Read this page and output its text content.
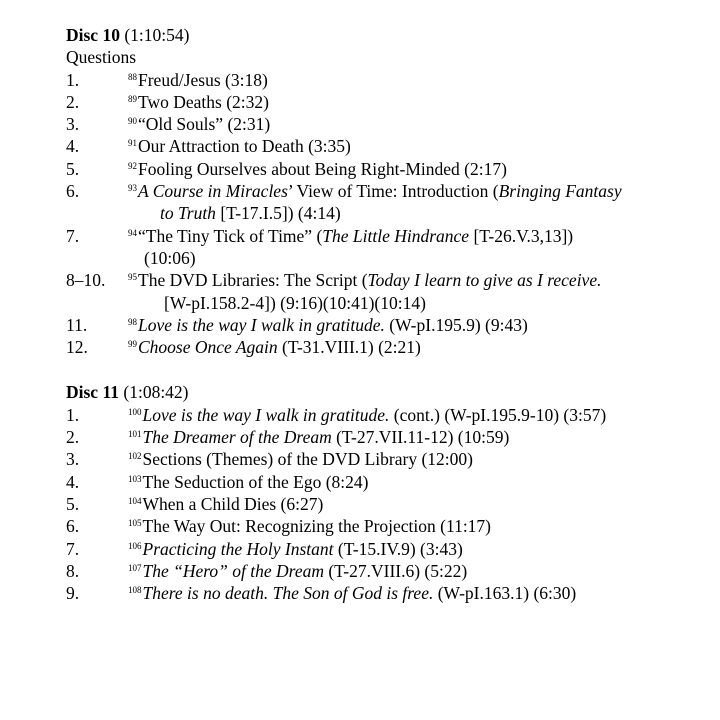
Disc 10 (1:10:54)
Questions
1.	$^{88}$Freud/Jesus (3:18)
2.	$^{89}$Two Deaths (2:32)
3.	$^{90}$“Old Souls” (2:31)
4.	$^{91}$Our Attraction to Death (3:35)
5.	$^{92}$Fooling Ourselves about Being Right-Minded (2:17)
6.	$^{93}$A Course in Miracles’ View of Time: Introduction (Bringing Fantasy
to Truth [T-17.I.5]) (4:14)
7.	$^{94}$“The Tiny Tick of Time” (The Little Hindrance [T-26.V.3,13])
(10:06)
8–10.	$^{95}$The DVD Libraries: The Script (Today I learn to give as I receive.
[W-pI.158.2-4]) (9:16)(10:41)(10:14)
11.	$^{98}$Love is the way I walk in gratitude. (W-pI.195.9) (9:43)
12.	$^{99}$Choose Once Again (T-31.VIII.1) (2:21)
Disc 11 (1:08:42)
1.	$^{100}$Love is the way I walk in gratitude. (cont.) (W-pI.195.9-10) (3:57)
2.	$^{101}$The Dreamer of the Dream (T-27.VII.11-12) (10:59)
3.	$^{102}$Sections (Themes) of the DVD Library (12:00)
4.	$^{103}$The Seduction of the Ego (8:24)
5.	$^{104}$When a Child Dies (6:27)
6.	$^{105}$The Way Out: Recognizing the Projection (11:17)
7.	$^{106}$Practicing the Holy Instant (T-15.IV.9) (3:43)
8.	$^{107}$The “Hero” of the Dream (T-27.VIII.6) (5:22)
9.	$^{108}$There is no death. The Son of God is free. (W-pI.163.1) (6:30)
